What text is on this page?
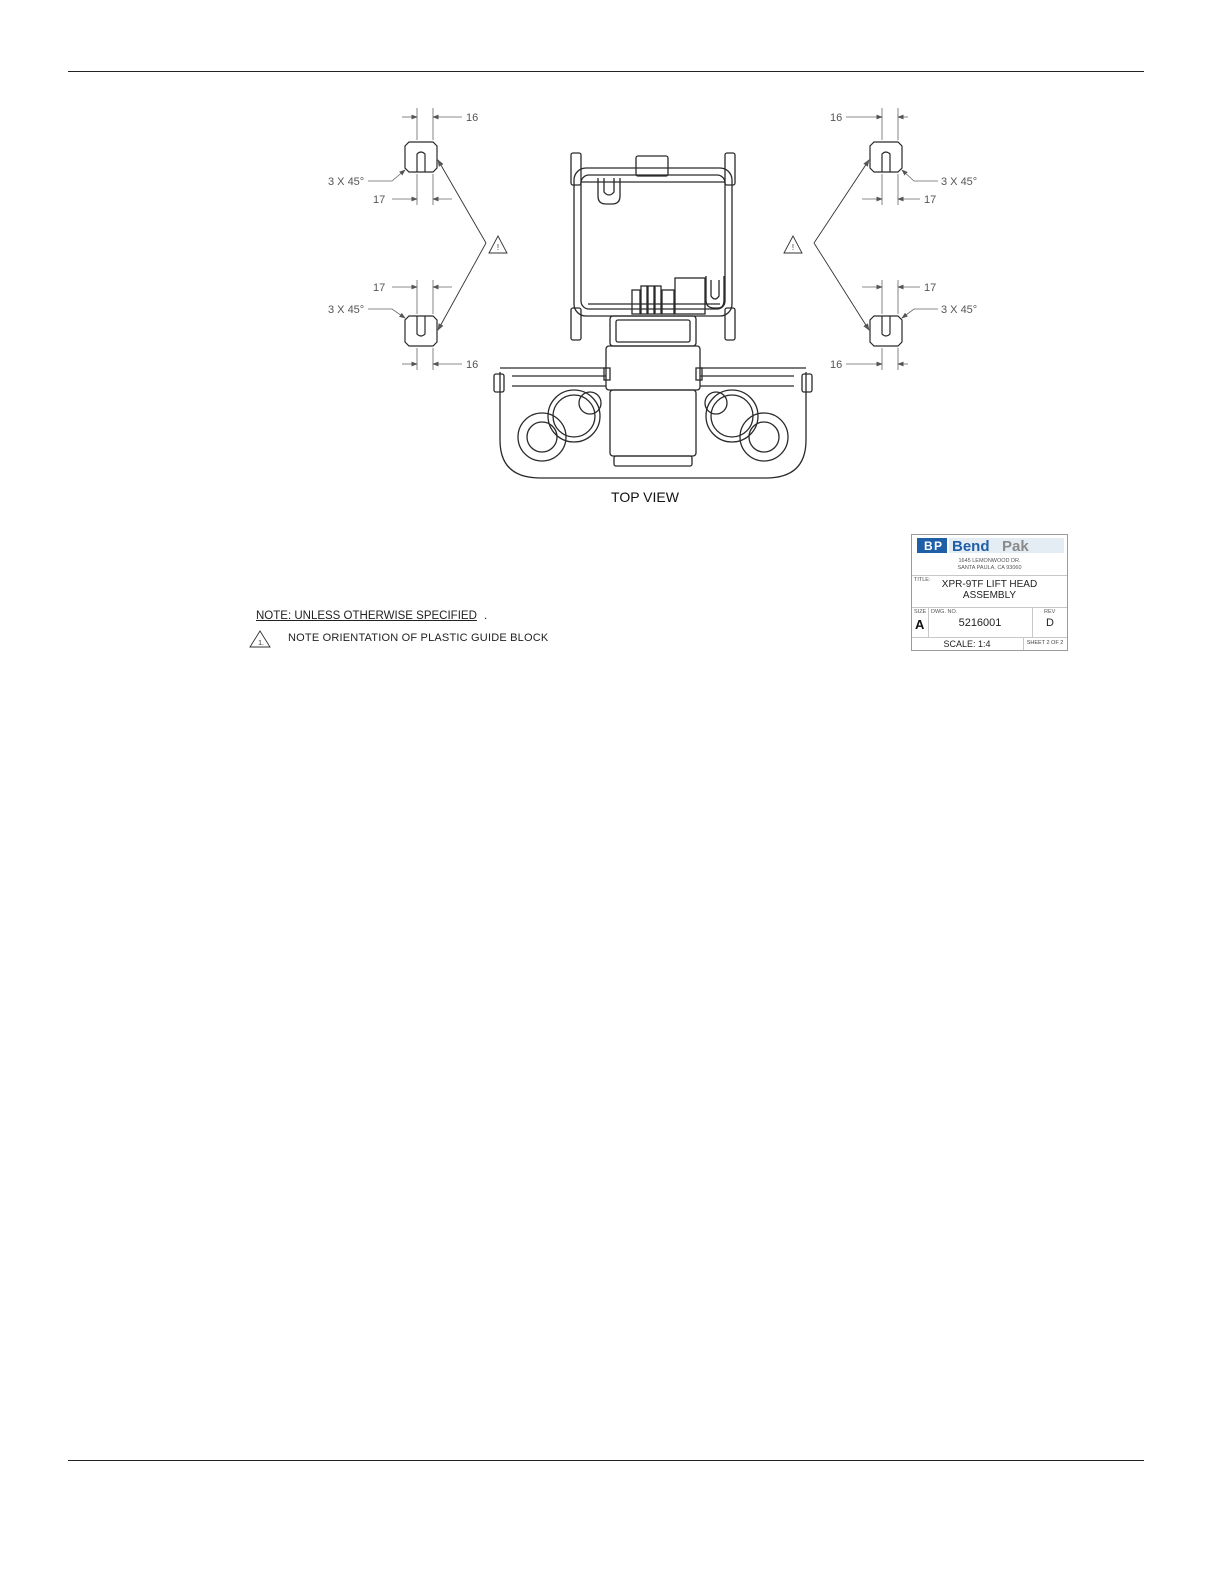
!	!
16
17
3 X 45°
17
3 X 45°
16
16
3 X 45°
17
17
3 X 45°
16
TOP VIEW
NOTE: UNLESS OTHERWISE SPECIFIED .
1. NOTE ORIENTATION OF PLASTIC GUIDE BLOCK
B P Bend Pak
1645 LEMONWOOD DR.
SANTA PAULA, CA 93060
TITLE:	XPR-9TF LIFT HEAD
ASSEMBLY
SIZE
A
DWG. NO.
5216001
REV
D
SCALE: 1:4	SHEET 2 OF 2
